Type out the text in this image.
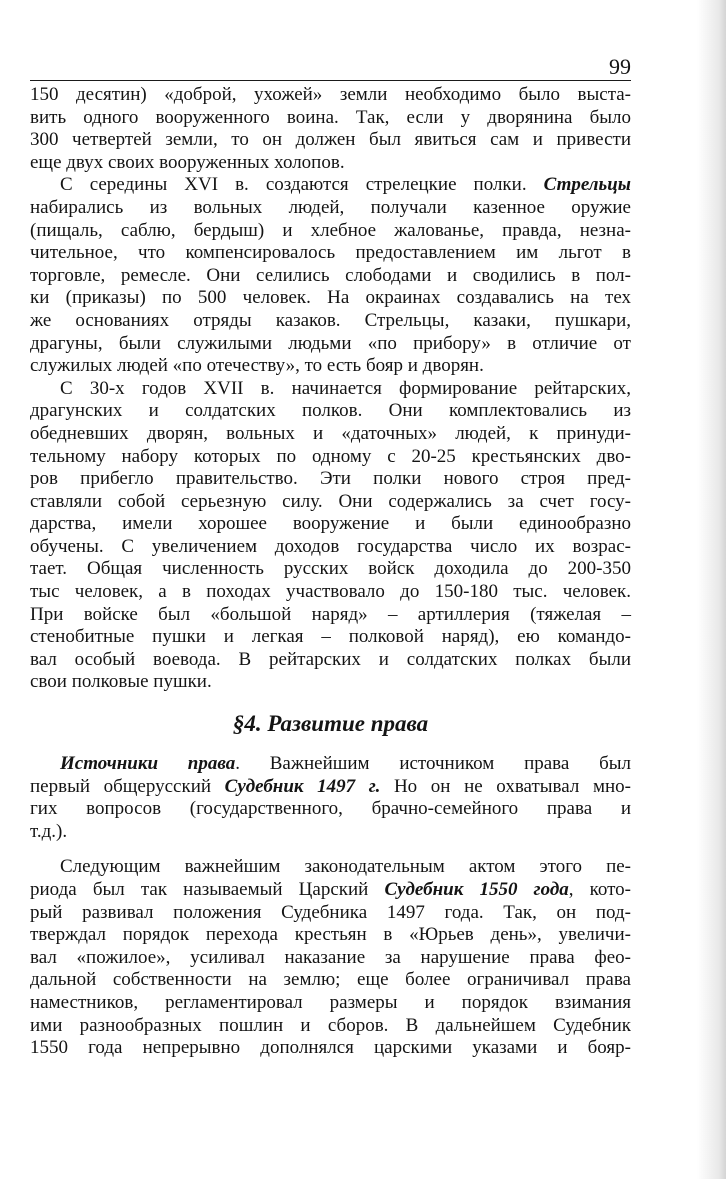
99
150 десятин) «доброй, ухожей» земли необходимо было выста-
вить одного вооруженного воина. Так, если у дворянина было
300 четвертей земли, то он должен был явиться сам и привести
еще двух своих вооруженных холопов.
С середины XVI в. создаются стрелецкие полки. Стрельцы
набирались из вольных людей, получали казенное оружие
(пищаль, саблю, бердыш) и хлебное жалованье, правда, незна-
чительное, что компенсировалось предоставлением им льгот в
торговле, ремесле. Они селились слободами и сводились в пол-
ки (приказы) по 500 человек. На окраинах создавались на тех
же основаниях отряды казаков. Стрельцы, казаки, пушкари,
драгуны, были служилыми людьми «по прибору» в отличие от
служилых людей «по отечеству», то есть бояр и дворян.
С 30-х годов XVII в. начинается формирование рейтарских,
драгунских и солдатских полков. Они комплектовались из
обедневших дворян, вольных и «даточных» людей, к принуди-
тельному набору которых по одному с 20-25 крестьянских дво-
ров прибегло правительство. Эти полки нового строя пред-
ставляли собой серьезную силу. Они содержались за счет госу-
дарства, имели хорошее вооружение и были единообразно
обучены. С увеличением доходов государства число их возрас-
тает. Общая численность русских войск доходила до 200-350
тыс человек, а в походах участвовало до 150-180 тыс. человек.
При войске был «большой наряд» – артиллерия (тяжелая –
стенобитные пушки и легкая – полковой наряд), ею командо-
вал особый воевода. В рейтарских и солдатских полках были
свои полковые пушки.
§4. Развитие права
Источники права. Важнейшим источником права был
первый общерусский Судебник 1497 г. Но он не охватывал мно-
гих вопросов (государственного, брачно-семейного права и
т.д.).
Следующим важнейшим законодательным актом этого пе-
риода был так называемый Царский Судебник 1550 года, кото-
рый развивал положения Судебника 1497 года. Так, он под-
тверждал порядок перехода крестьян в «Юрьев день», увеличи-
вал «пожилое», усиливал наказание за нарушение права фео-
дальной собственности на землю; еще более ограничивал права
наместников, регламентировал размеры и порядок взимания
ими разнообразных пошлин и сборов. В дальнейшем Судебник
1550 года непрерывно дополнялся царскими указами и бояр-
